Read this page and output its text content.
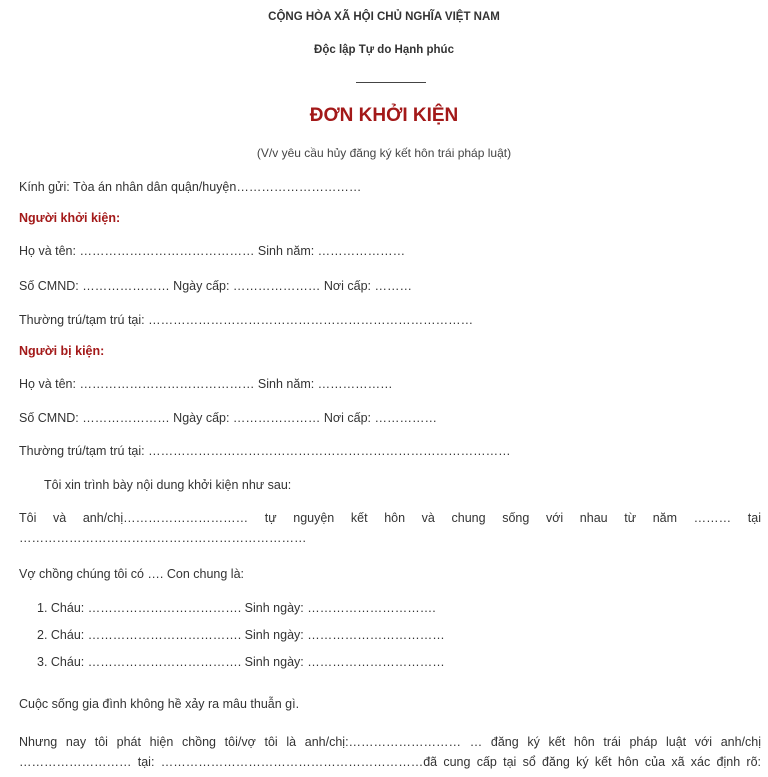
CỘNG HÒA XÃ HỘI CHỦ NGHĨA VIỆT NAM
Độc lập Tự do Hạnh phúc
ĐƠN KHỞI KIỆN
(V/v yêu cầu hủy đăng ký kết hôn trái pháp luật)
Kính gửi: Tòa án nhân dân quận/huyện…………………………
Người khởi kiện:
Họ và tên: …………………………………… Sinh năm: …………………
Số CMND: ………………… Ngày cấp: ………………… Nơi cấp: ………
Thường trú/tạm trú tại: ……………………………………………………………………
Người bị kiện:
Họ và tên: …………………………………… Sinh năm: ………………
Số CMND: ………………… Ngày cấp: ………………… Nơi cấp: ……………
Thường trú/tạm trú tại: ……………………………………………………………………………
Tôi xin trình bày nội dung khởi kiện như sau:
Tôi và anh/chị………………………… tự nguyện kết hôn và chung sống với nhau từ năm ……… tại
……………………………………………………………
Vợ chồng chúng tôi có …. Con chung là:
1. Cháu: ………………………………. Sinh ngày: ………………………….
2. Cháu: ………………………………. Sinh ngày: ……………………………
3. Cháu: ………………………………. Sinh ngày: ……………………………
Cuộc sống gia đình không hề xảy ra mâu thuẫn gì.
Nhưng nay tôi phát hiện chồng tôi/vợ tôi là anh/chị:……………………… … đăng ký kết hôn trái pháp luật với anh/chị
……………………… tại: ………………………………………………………đã cung cấp tại sổ đăng ký kết hôn của xã xác định rõ:
